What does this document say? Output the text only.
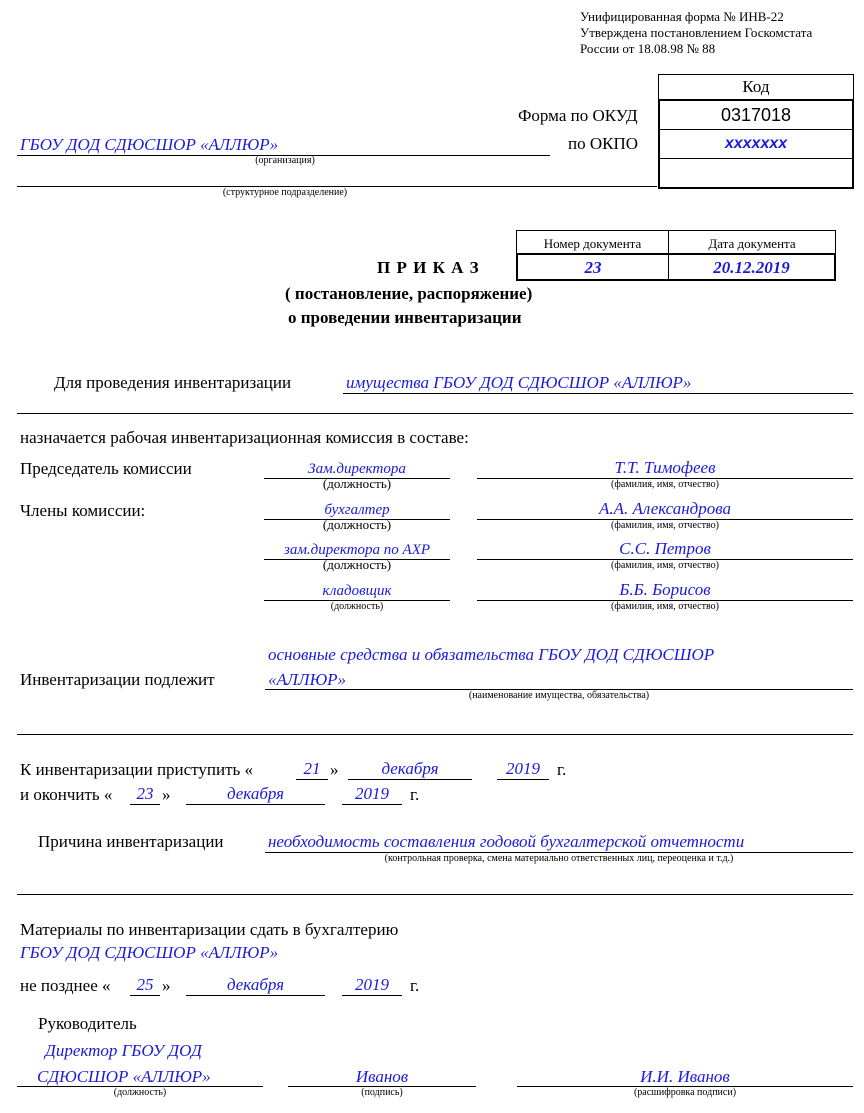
Унифицированная форма № ИНВ-22
Утверждена постановлением Госкомстата
России от 18.08.98 № 88
Код
0317018
xxxxxxx
Форма по ОКУД
по ОКПО
ГБОУ ДОД СДЮСШОР «АЛЛЮР»
(организация)
(структурное подразделение)
Номер документа	Дата документа
23	20.12.2019
П Р И К А З
( постановление, распоряжение)
о проведении инвентаризации
Для проведения инвентаризации	имущества ГБОУ ДОД СДЮСШОР «АЛЛЮР»
назначается рабочая инвентаризационная комиссия в составе:
Председатель комиссии
Члены комиссии:
Зам.директора
(должность)
Т.Т. Тимофеев
(фамилия, имя, отчество)
бухгалтер
(должность)
А.А. Александрова
(фамилия, имя, отчество)
зам.директора по АХР
(должность)
С.С. Петров
(фамилия, имя, отчество)
кладовщик
(должность)
Б.Б. Борисов
(фамилия, имя, отчество)
основные средства и обязательства ГБОУ ДОД СДЮСШОР
Инвентаризации подлежит	«АЛЛЮР»
(наименование имущества, обязательства)
К инвентаризации приступить «	21 »	декабря	2019	г.
и окончить «	23 »	декабря	2019	г.
Причина инвентаризации	необходимость составления годовой бухгалтерской отчетности
(контрольная проверка, смена материально ответственных лиц, переоценка и т.д.)
Материалы по инвентаризации сдать в бухгалтерию
ГБОУ ДОД СДЮСШОР «АЛЛЮР»
не позднее «	25 »	декабря	2019	г.
Руководитель
Директор ГБОУ ДОД
СДЮСШОР «АЛЛЮР»
(должность)
Иванов
(подпись)
И.И. Иванов
(расшифровка подписи)
